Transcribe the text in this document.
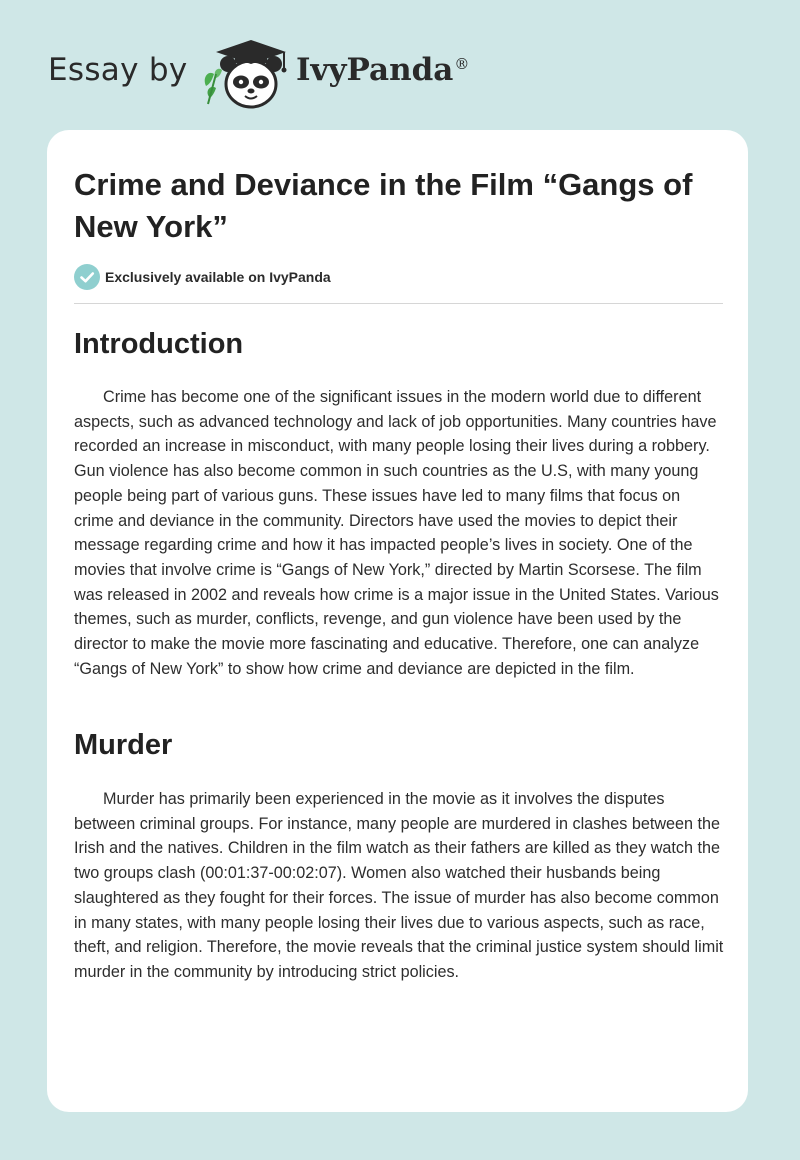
Essay by	IvyPanda®
Crime and Deviance in the Film “Gangs of New York”
Exclusively available on IvyPanda
Introduction

Crime has become one of the significant issues in the modern world due to different aspects, such as advanced technology and lack of job opportunities. Many countries have recorded an increase in misconduct, with many people losing their lives during a robbery. Gun violence has also become common in such countries as the U.S, with many young people being part of various guns. These issues have led to many films that focus on crime and deviance in the community. Directors have used the movies to depict their message regarding crime and how it has impacted people’s lives in society. One of the movies that involve crime is “Gangs of New York,” directed by Martin Scorsese. The film was released in 2002 and reveals how crime is a major issue in the United States. Various themes, such as murder, conflicts, revenge, and gun violence have been used by the director to make the movie more fascinating and educative. Therefore, one can analyze “Gangs of New York” to show how crime and deviance are depicted in the film.

Murder

Murder has primarily been experienced in the movie as it involves the disputes between criminal groups. For instance, many people are murdered in clashes between the Irish and the natives. Children in the film watch as their fathers are killed as they watch the two groups clash (00:01:37-00:02:07). Women also watched their husbands being slaughtered as they fought for their forces. The issue of murder has also become common in many states, with many people losing their lives due to various aspects, such as race, theft, and religion. Therefore, the movie reveals that the criminal justice system should limit murder in the community by introducing strict policies.
